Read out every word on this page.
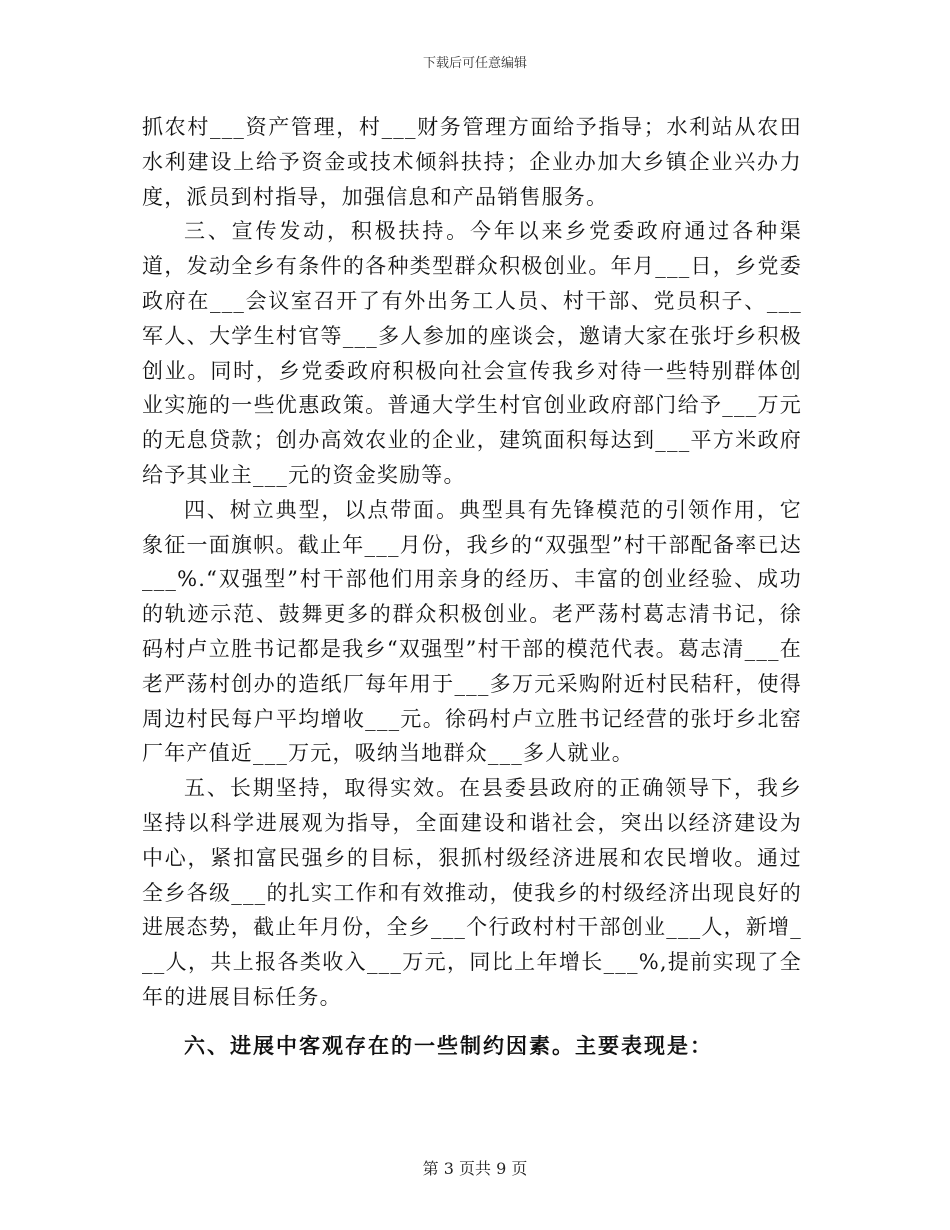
下载后可任意编辑

抓农村___资产管理，村___财务管理方面给予指导；水利站从农田水利建设上给予资金或技术倾斜扶持；企业办加大乡镇企业兴办力度，派员到村指导，加强信息和产品销售服务。

三、宣传发动，积极扶持。今年以来乡党委政府通过各种渠道，发动全乡有条件的各种类型群众积极创业。年月___日，乡党委政府在___会议室召开了有外出务工人员、村干部、党员积子、___军人、大学生村官等___多人参加的座谈会，邀请大家在张圩乡积极创业。同时，乡党委政府积极向社会宣传我乡对待一些特别群体创业实施的一些优惠政策。普通大学生村官创业政府部门给予___万元的无息贷款；创办高效农业的企业，建筑面积每达到___平方米政府给予其业主___元的资金奖励等。

四、树立典型，以点带面。典型具有先锋模范的引领作用，它象征一面旗帜。截止年___月份，我乡的“双强型”村干部配备率已达___%.“双强型”村干部他们用亲身的经历、丰富的创业经验、成功的轨迹示范、鼓舞更多的群众积极创业。老严荡村葛志清书记，徐码村卢立胜书记都是我乡“双强型”村干部的模范代表。葛志清___在老严荡村创办的造纸厂每年用于___多万元采购附近村民秸秆，使得周边村民每户平均增收___元。徐码村卢立胜书记经营的张圩乡北窑厂年产值近___万元，吸纳当地群众___多人就业。

五、长期坚持，取得实效。在县委县政府的正确领导下，我乡坚持以科学进展观为指导，全面建设和谐社会，突出以经济建设为中心，紧扣富民强乡的目标，狠抓村级经济进展和农民增收。通过全乡各级___的扎实工作和有效推动，使我乡的村级经济出现良好的进展态势，截止年月份，全乡___个行政村村干部创业___人，新增___人，共上报各类收入___万元，同比上年增长___%,提前实现了全年的进展目标任务。

六、进展中客观存在的一些制约因素。主要表现是：

第 3 页共 9 页
